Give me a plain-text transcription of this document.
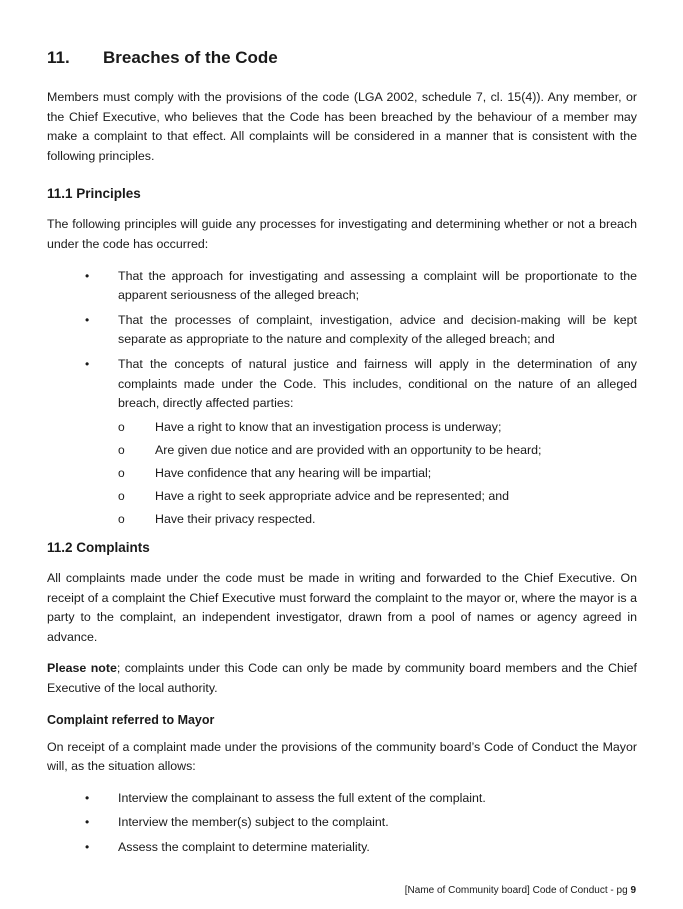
11.	Breaches of the Code

Members must comply with the provisions of the code (LGA 2002, schedule 7, cl. 15(4)). Any member, or the Chief Executive, who believes that the Code has been breached by the behaviour of a member may make a complaint to that effect. All complaints will be considered in a manner that is consistent with the following principles.

11.1 Principles

The following principles will guide any processes for investigating and determining whether or not a breach under the code has occurred:

• That the approach for investigating and assessing a complaint will be proportionate to the apparent seriousness of the alleged breach;
• That the processes of complaint, investigation, advice and decision-making will be kept separate as appropriate to the nature and complexity of the alleged breach; and
• That the concepts of natural justice and fairness will apply in the determination of any complaints made under the Code. This includes, conditional on the nature of an alleged breach, directly affected parties:
o Have a right to know that an investigation process is underway;
o Are given due notice and are provided with an opportunity to be heard;
o Have confidence that any hearing will be impartial;
o Have a right to seek appropriate advice and be represented; and
o Have their privacy respected.
11.2 Complaints

All complaints made under the code must be made in writing and forwarded to the Chief Executive. On receipt of a complaint the Chief Executive must forward the complaint to the mayor or, where the mayor is a party to the complaint, an independent investigator, drawn from a pool of names or agency agreed in advance.

Please note; complaints under this Code can only be made by community board members and the Chief Executive of the local authority.

Complaint referred to Mayor

On receipt of a complaint made under the provisions of the community board’s Code of Conduct the Mayor will, as the situation allows:

• Interview the complainant to assess the full extent of the complaint.
• Interview the member(s) subject to the complaint.
• Assess the complaint to determine materiality.
[Name of Community board] Code of Conduct - pg 9
